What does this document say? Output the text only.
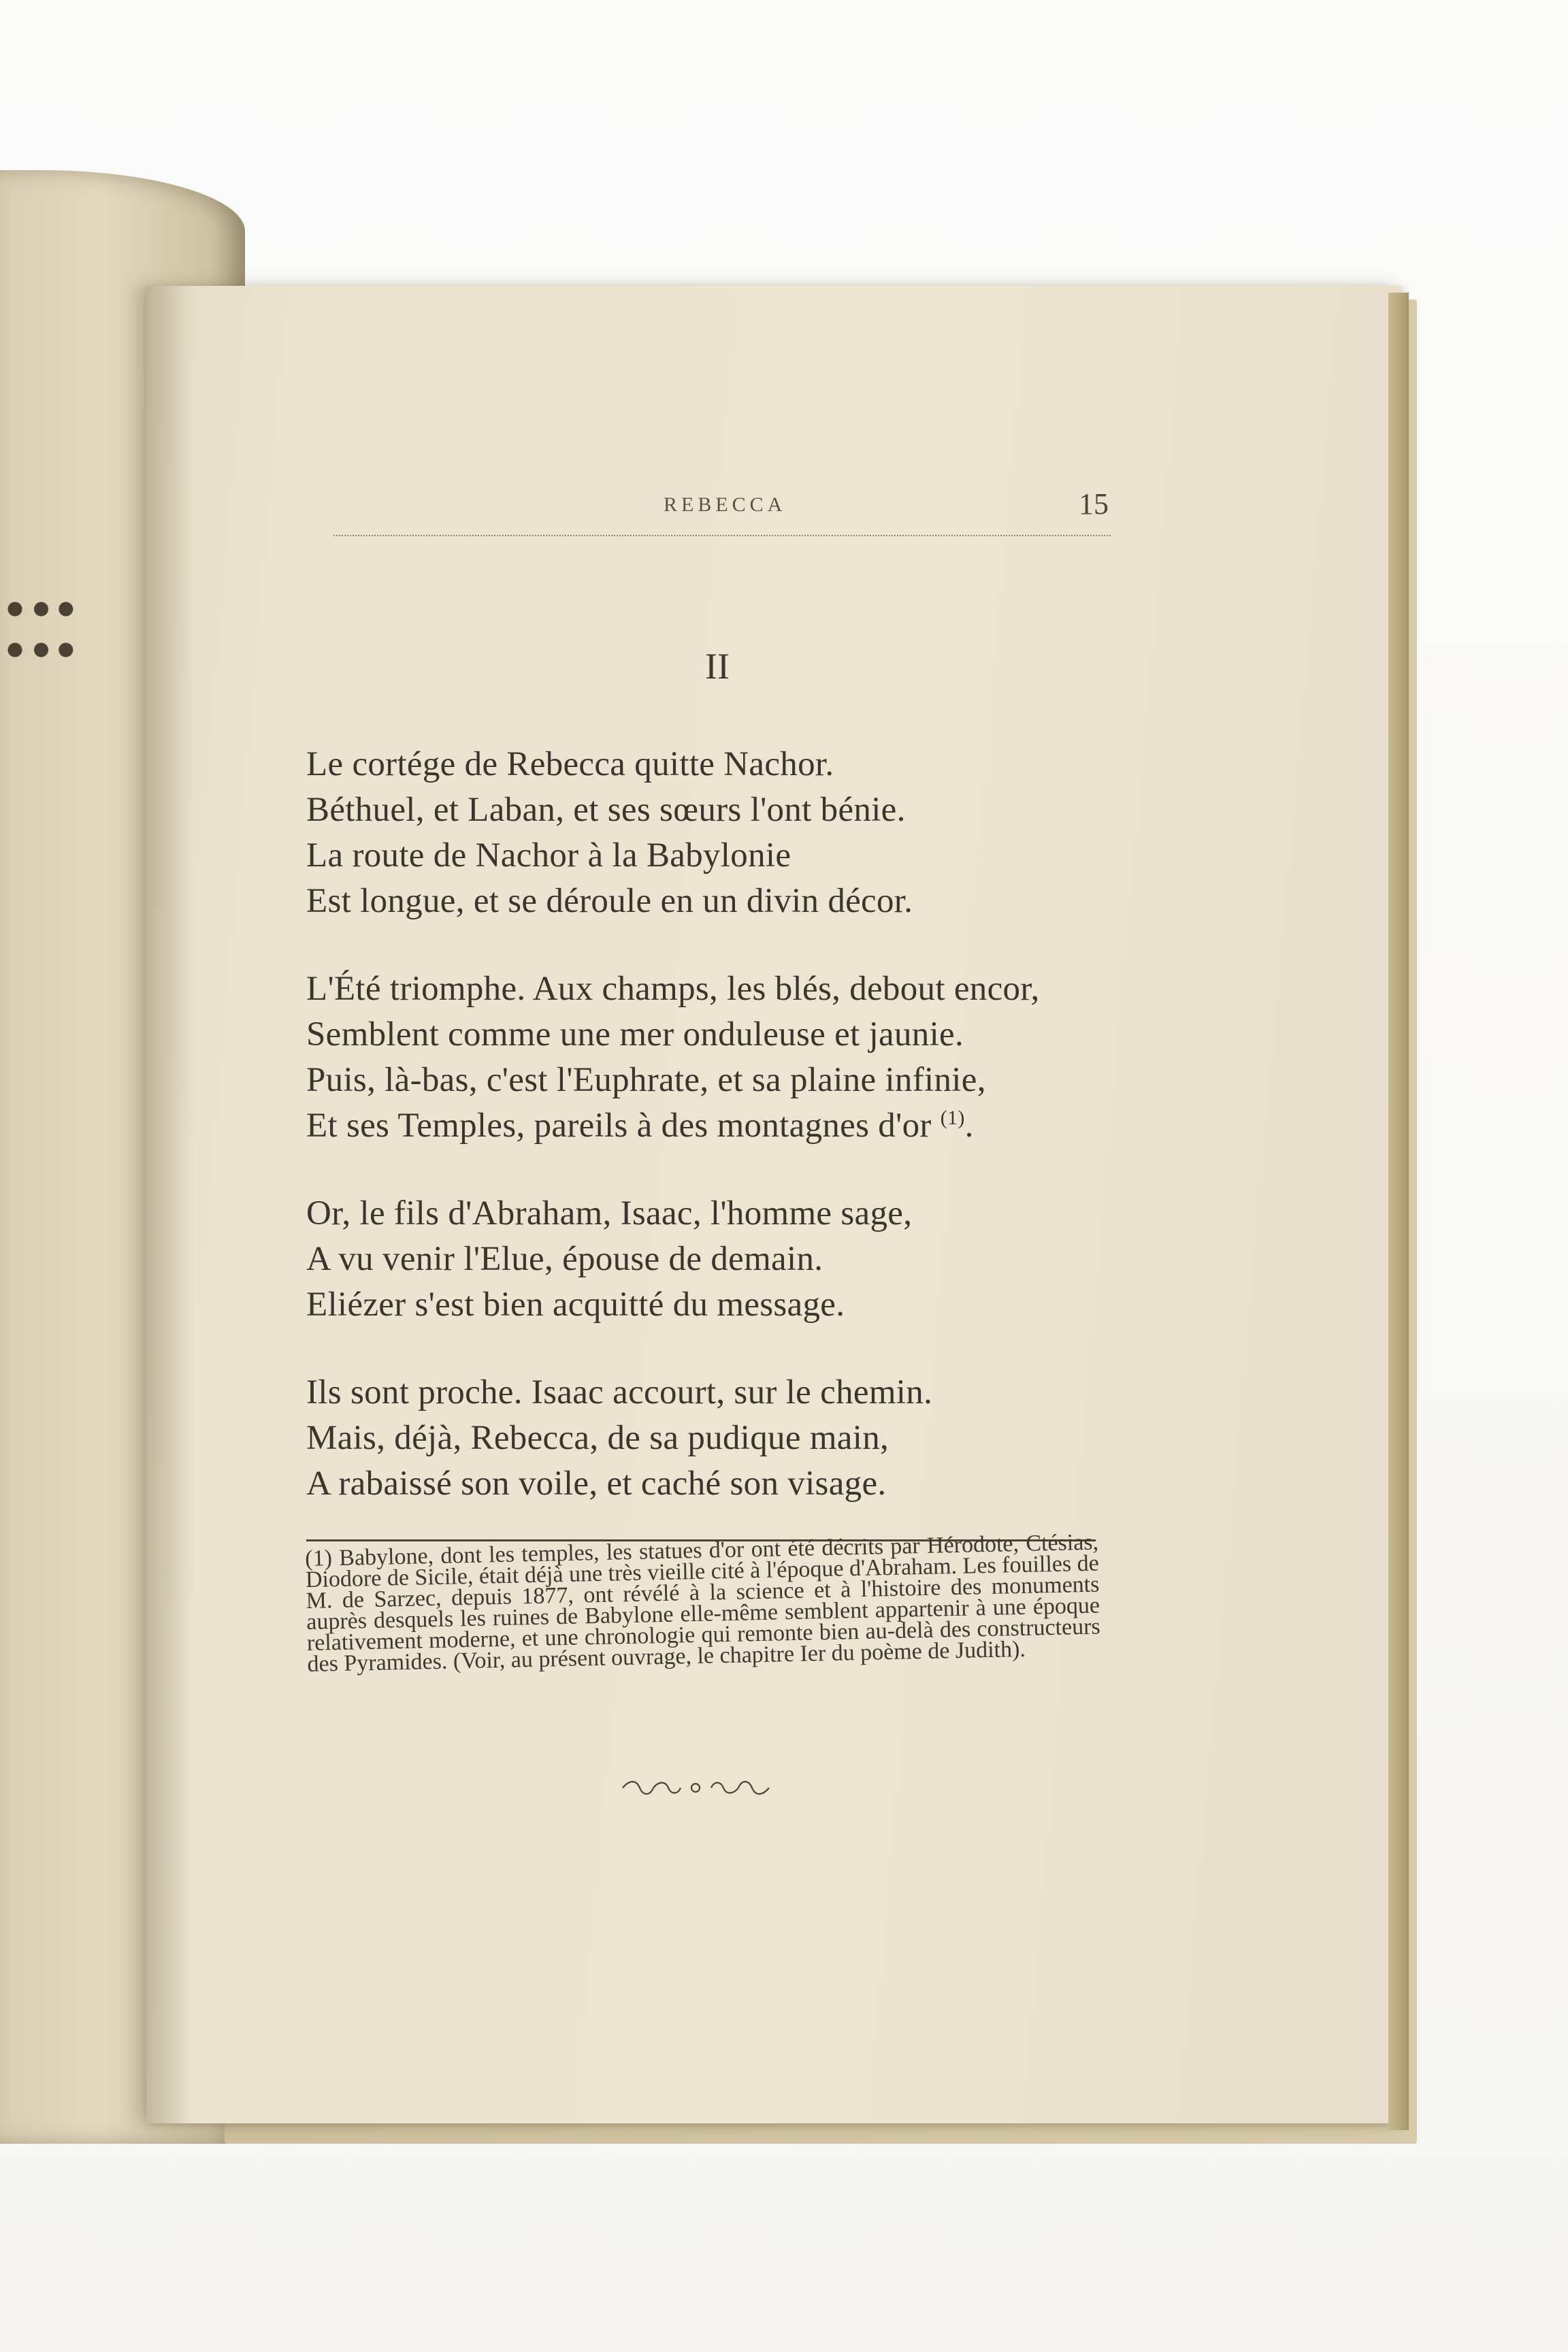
REBECCA	15
II
Le cortége de Rebecca quitte Nachor.
Béthuel, et Laban, et ses sœurs l'ont bénie.
La route de Nachor à la Babylonie
Est longue, et se déroule en un divin décor.
L'Été triomphe. Aux champs, les blés, debout encor,
Semblent comme une mer onduleuse et jaunie.
Puis, là-bas, c'est l'Euphrate, et sa plaine infinie,
Et ses Temples, pareils à des montagnes d'or $^{(1)}$.
Or, le fils d'Abraham, Isaac, l'homme sage,
A vu venir l'Elue, épouse de demain.
Eliézer s'est bien acquitté du message.
Ils sont proche. Isaac accourt, sur le chemin.
Mais, déjà, Rebecca, de sa pudique main,
A rabaissé son voile, et caché son visage.

(1) Babylone, dont les temples, les statues d'or ont été décrits par Hérodote, Ctésias, Diodore de Sicile, était déjà une très vieille cité à l'époque d'Abraham. Les fouilles de M. de Sarzec, depuis 1877, ont révélé à la science et à l'histoire des monuments auprès desquels les ruines de Babylone elle-même semblent appartenir à une époque relativement moderne, et une chronologie qui remonte bien au-delà des constructeurs des Pyramides. (Voir, au présent ouvrage, le chapitre Ier du poème de Judith).
